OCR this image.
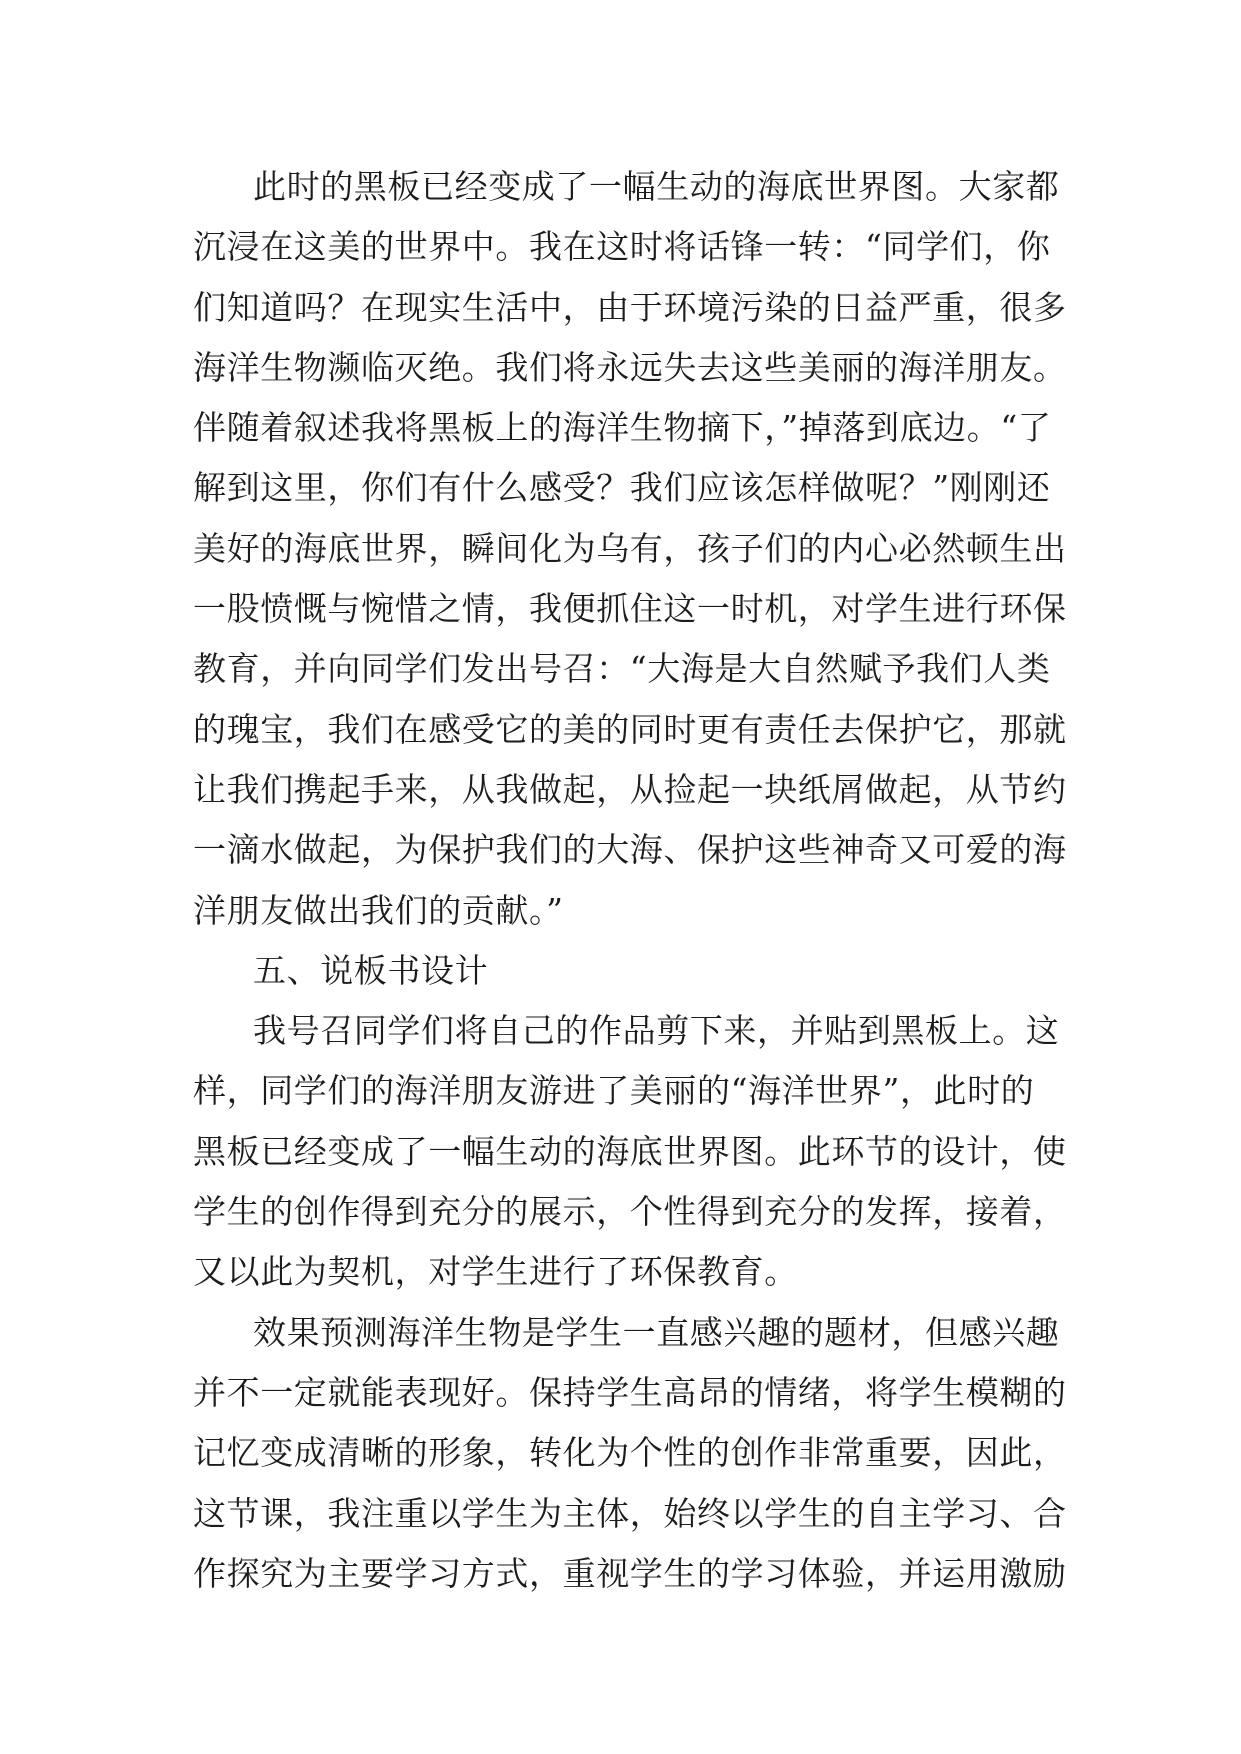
此时的黑板已经变成了一幅生动的海底世界图。大家都
沉浸在这美的世界中。我在这时将话锋一转：“同学们，你
们知道吗？在现实生活中，由于环境污染的日益严重，很多
海洋生物濒临灭绝。我们将永远失去这些美丽的海洋朋友。
伴随着叙述我将黑板上的海洋生物摘下，”掉落到底边。“了
解到这里，你们有什么感受？我们应该怎样做呢？”刚刚还
美好的海底世界，瞬间化为乌有，孩子们的内心必然顿生出
一股愤慨与惋惜之情，我便抓住这一时机，对学生进行环保
教育，并向同学们发出号召：“大海是大自然赋予我们人类
的瑰宝，我们在感受它的美的同时更有责任去保护它，那就
让我们携起手来，从我做起，从捡起一块纸屑做起，从节约
一滴水做起，为保护我们的大海、保护这些神奇又可爱的海
洋朋友做出我们的贡献。”
五、说板书设计
我号召同学们将自己的作品剪下来，并贴到黑板上。这
样，同学们的海洋朋友游进了美丽的“海洋世界”，此时的
黑板已经变成了一幅生动的海底世界图。此环节的设计，使
学生的创作得到充分的展示，个性得到充分的发挥，接着，
又以此为契机，对学生进行了环保教育。
效果预测海洋生物是学生一直感兴趣的题材，但感兴趣
并不一定就能表现好。保持学生高昂的情绪，将学生模糊的
记忆变成清晰的形象，转化为个性的创作非常重要，因此，
这节课，我注重以学生为主体，始终以学生的自主学习、合
作探究为主要学习方式，重视学生的学习体验，并运用激励
